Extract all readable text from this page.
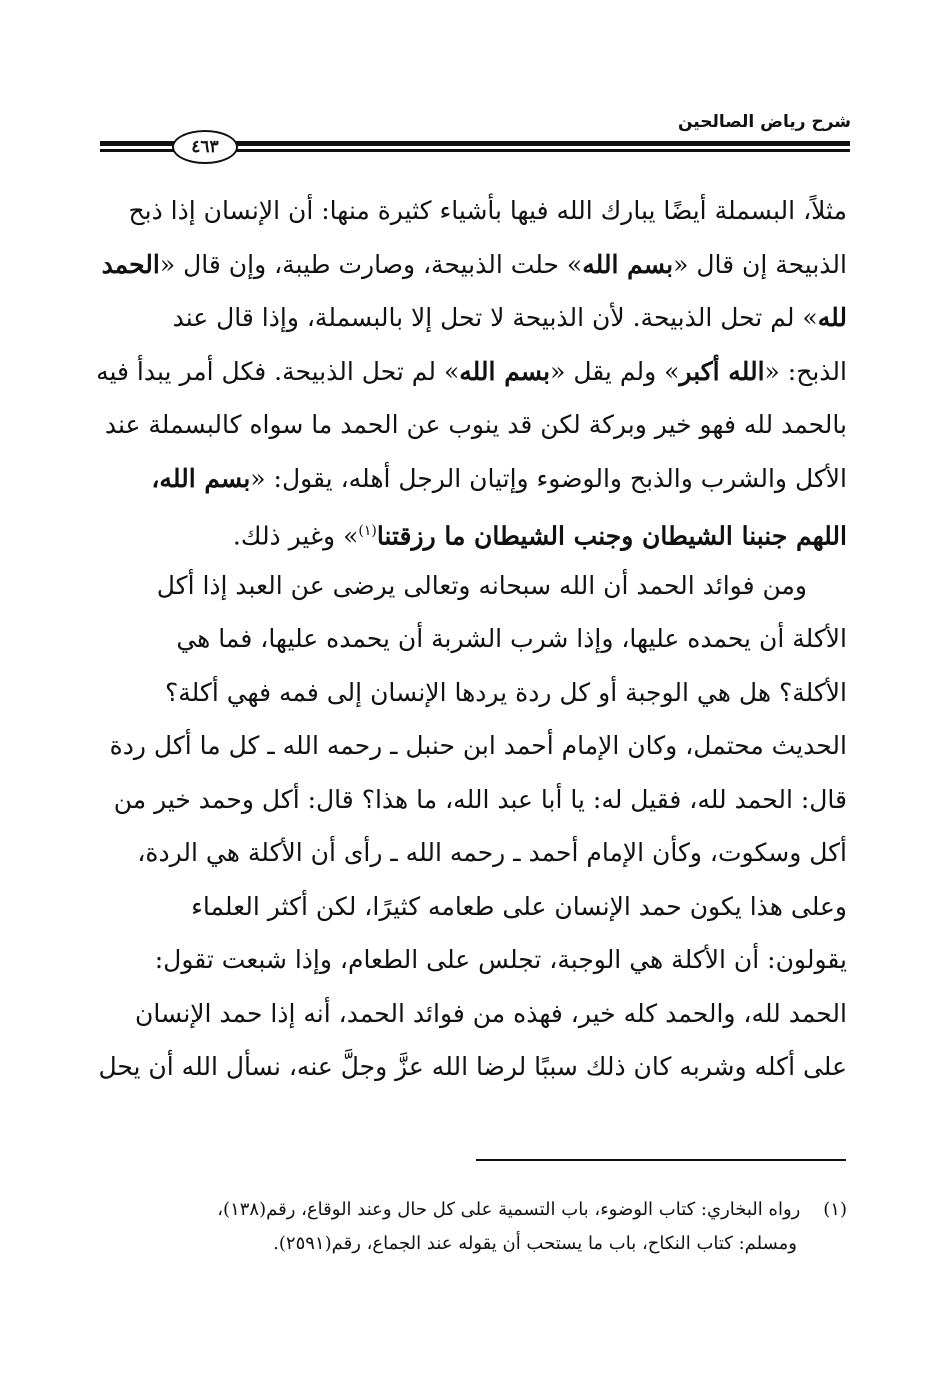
شرح رياض الصالحين
٤٦٣
مثلاً، البسملة أيضًا يبارك الله فيها بأشياء كثيرة منها: أن الإنسان إذا ذبح
الذبيحة إن قال «بسم الله» حلت الذبيحة، وصارت طيبة، وإن قال «الحمد
لله» لم تحل الذبيحة. لأن الذبيحة لا تحل إلا بالبسملة، وإذا قال عند
الذبح: «الله أكبر» ولم يقل «بسم الله» لم تحل الذبيحة. فكل أمر يبدأ فيه
بالحمد لله فهو خير وبركة لكن قد ينوب عن الحمد ما سواه كالبسملة عند
الأكل والشرب والذبح والوضوء وإتيان الرجل أهله، يقول: «بسم الله،
اللهم جنبنا الشيطان وجنب الشيطان ما رزقتنا$^{(١)}$» وغير ذلك.
ومن فوائد الحمد أن الله سبحانه وتعالى يرضى عن العبد إذا أكل
الأكلة أن يحمده عليها، وإذا شرب الشربة أن يحمده عليها، فما هي
الأكلة؟ هل هي الوجبة أو كل ردة يردها الإنسان إلى فمه فهي أكلة؟
الحديث محتمل، وكان الإمام أحمد ابن حنبل ـ رحمه الله ـ كل ما أكل ردة
قال: الحمد لله، فقيل له: يا أبا عبد الله، ما هذا؟ قال: أكل وحمد خير من
أكل وسكوت، وكأن الإمام أحمد ـ رحمه الله ـ رأى أن الأكلة هي الردة،
وعلى هذا يكون حمد الإنسان على طعامه كثيرًا، لكن أكثر العلماء
يقولون: أن الأكلة هي الوجبة، تجلس على الطعام، وإذا شبعت تقول:
الحمد لله، والحمد كله خير، فهذه من فوائد الحمد، أنه إذا حمد الإنسان
على أكله وشربه كان ذلك سببًا لرضا الله عزَّ وجلَّ عنه، نسأل الله أن يحل
(١)    رواه البخاري: كتاب الوضوء، باب التسمية على كل حال وعند الوقاع، رقم(١٣٨)،
ومسلم: كتاب النكاح، باب ما يستحب أن يقوله عند الجماع، رقم(٢٥٩١).
